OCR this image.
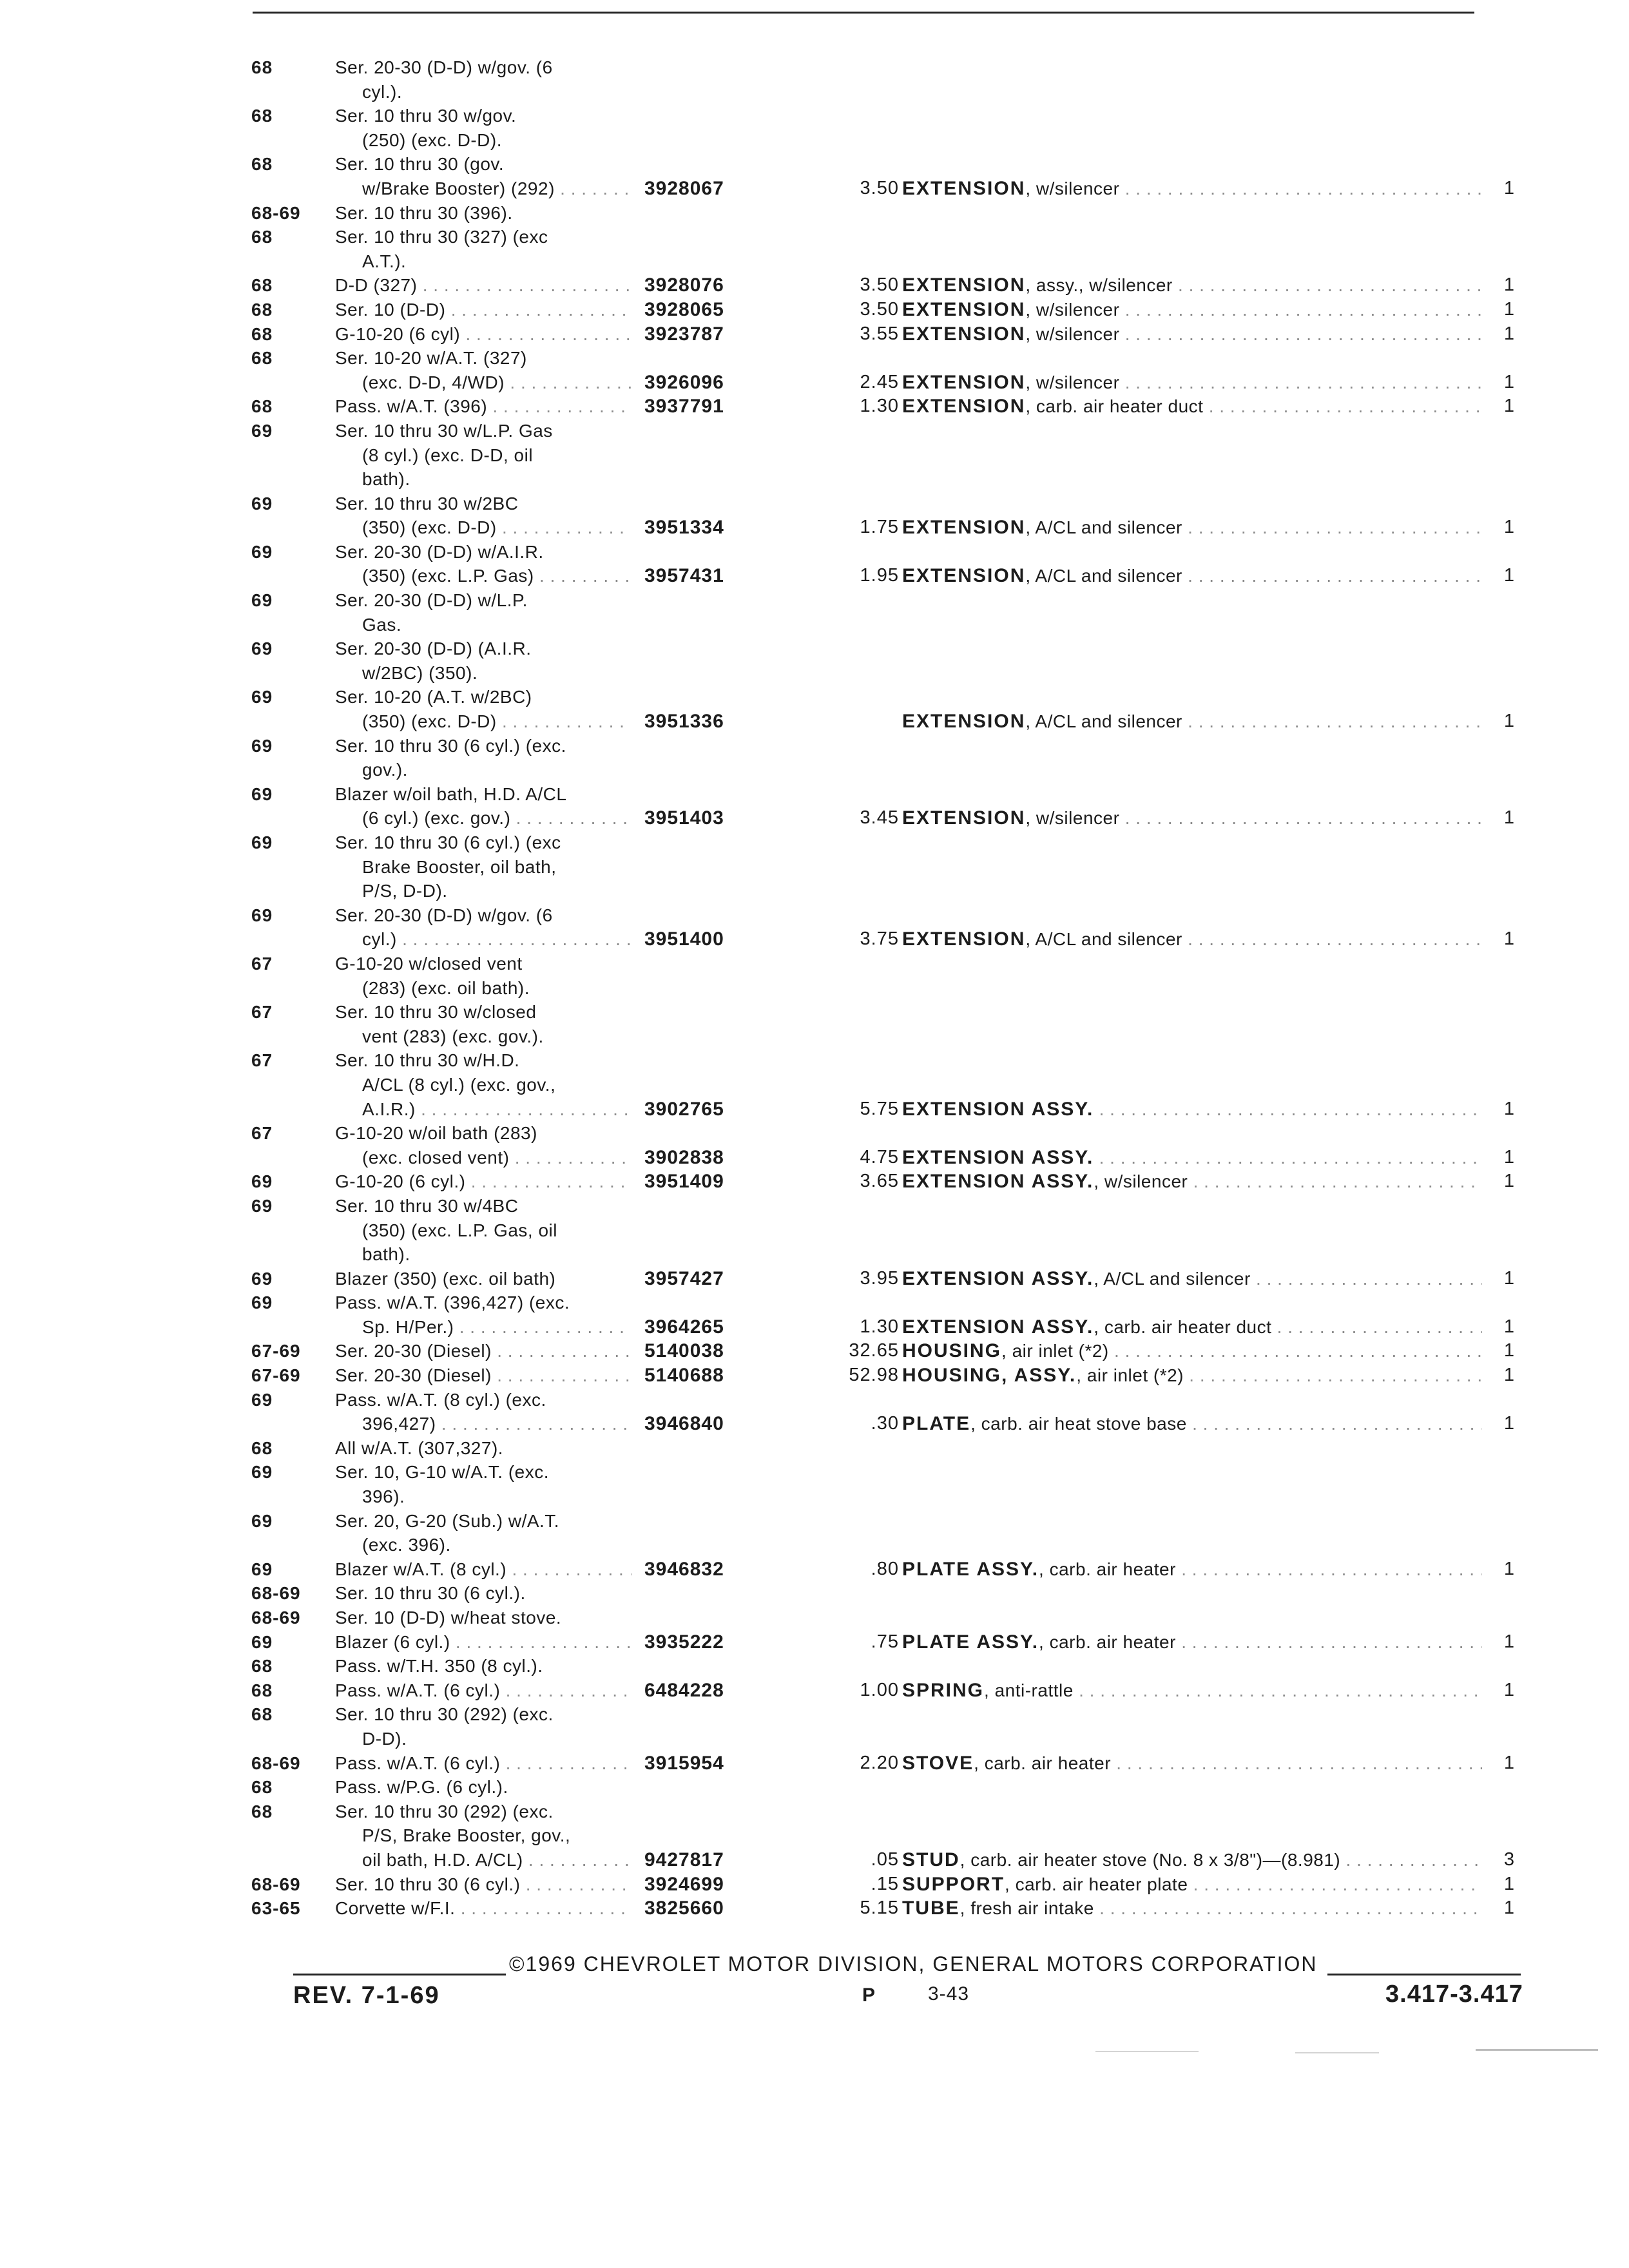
68	Ser. 20-30 (D-D) w/gov. (6
cyl.).
68	Ser. 10 thru 30 w/gov.
(250) (exc. D-D).
68	Ser. 10 thru 30 (gov.
w/Brake Booster) (292) . . .	3928067	3.50 EXTENSION, w/silencer . . .	1
68-69	Ser. 10 thru 30 (396).
68	Ser. 10 thru 30 (327) (exc
A.T.).
68	D-D (327) . . .	3928076	3.50 EXTENSION, assy., w/silencer . . .	1
68	Ser. 10 (D-D) . . .	3928065	3.50 EXTENSION, w/silencer . . .	1
68	G-10-20 (6 cyl) . . .	3923787	3.55 EXTENSION, w/silencer . . .	1
68	Ser. 10-20 w/A.T. (327)
(exc. D-D, 4/WD) . . .	3926096	2.45 EXTENSION, w/silencer . . .	1
68	Pass. w/A.T. (396) . . .	3937791	1.30 EXTENSION, carb. air heater duct . . .	1
69	Ser. 10 thru 30 w/L.P. Gas
(8 cyl.) (exc. D-D, oil
bath).
69	Ser. 10 thru 30 w/2BC
(350) (exc. D-D) . . .	3951334	1.75 EXTENSION, A/CL and silencer . . .	1
69	Ser. 20-30 (D-D) w/A.I.R.
(350) (exc. L.P. Gas) . . .	3957431	1.95 EXTENSION, A/CL and silencer . . .	1
69	Ser. 20-30 (D-D) w/L.P.
Gas.
69	Ser. 20-30 (D-D) (A.I.R.
w/2BC) (350).
69	Ser. 10-20 (A.T. w/2BC)
(350) (exc. D-D) . . .	3951336	EXTENSION, A/CL and silencer . . .	1
69	Ser. 10 thru 30 (6 cyl.) (exc.
gov.).
69	Blazer w/oil bath, H.D. A/CL
(6 cyl.) (exc. gov.) . . .	3951403	3.45 EXTENSION, w/silencer . . .	1
69	Ser. 10 thru 30 (6 cyl.) (exc
Brake Booster, oil bath,
P/S, D-D).
69	Ser. 20-30 (D-D) w/gov. (6
cyl.) . . .	3951400	3.75 EXTENSION, A/CL and silencer . . .	1
67	G-10-20 w/closed vent
(283) (exc. oil bath).
67	Ser. 10 thru 30 w/closed
vent (283) (exc. gov.).
67	Ser. 10 thru 30 w/H.D.
A/CL (8 cyl.) (exc. gov.,
A.I.R.) . . .	3902765	5.75 EXTENSION ASSY. . . .	1
67	G-10-20 w/oil bath (283)
(exc. closed vent) . . .	3902838	4.75 EXTENSION ASSY. . . .	1
69	G-10-20 (6 cyl.) . . .	3951409	3.65 EXTENSION ASSY., w/silencer . . .	1
69	Ser. 10 thru 30 w/4BC
(350) (exc. L.P. Gas, oil
bath).
69	Blazer (350) (exc. oil bath)	3957427	3.95 EXTENSION ASSY., A/CL and silencer . . .	1
69	Pass. w/A.T. (396,427) (exc.
Sp. H/Per.) . . .	3964265	1.30 EXTENSION ASSY., carb. air heater duct . . .	1
67-69	Ser. 20-30 (Diesel) . . .	5140038	32.65 HOUSING, air inlet (*2) . . .	1
67-69	Ser. 20-30 (Diesel) . . .	5140688	52.98 HOUSING, ASSY., air inlet (*2) . . .	1
69	Pass. w/A.T. (8 cyl.) (exc.
396,427) . . .	3946840	.30 PLATE, carb. air heat stove base . . .	1
68	All w/A.T. (307,327).
69	Ser. 10, G-10 w/A.T. (exc.
396).
69	Ser. 20, G-20 (Sub.) w/A.T.
(exc. 396).
69	Blazer w/A.T. (8 cyl.) . . .	3946832	.80 PLATE ASSY., carb. air heater . . .	1
68-69	Ser. 10 thru 30 (6 cyl.).
68-69	Ser. 10 (D-D) w/heat stove.
69	Blazer (6 cyl.) . . .	3935222	.75 PLATE ASSY., carb. air heater . . .	1
68	Pass. w/T.H. 350 (8 cyl.).
68	Pass. w/A.T. (6 cyl.) . . .	6484228	1.00 SPRING, anti-rattle . . .	1
68	Ser. 10 thru 30 (292) (exc.
D-D).
68-69	Pass. w/A.T. (6 cyl.) . . .	3915954	2.20 STOVE, carb. air heater . . .	1
68	Pass. w/P.G. (6 cyl.).
68	Ser. 10 thru 30 (292) (exc.
P/S, Brake Booster, gov.,
oil bath, H.D. A/CL) . . .	9427817	.05 STUD, carb. air heater stove (No. 8 x 3/8")—(8.981) . . .	3
68-69	Ser. 10 thru 30 (6 cyl.) . . .	3924699	.15 SUPPORT, carb. air heater plate . . .	1
63-65	Corvette w/F.I. . . .	3825660	5.15 TUBE, fresh air intake . . .	1
©1969 CHEVROLET MOTOR DIVISION, GENERAL MOTORS CORPORATION
REV. 7-1-69	P	3-43	3.417-3.417
